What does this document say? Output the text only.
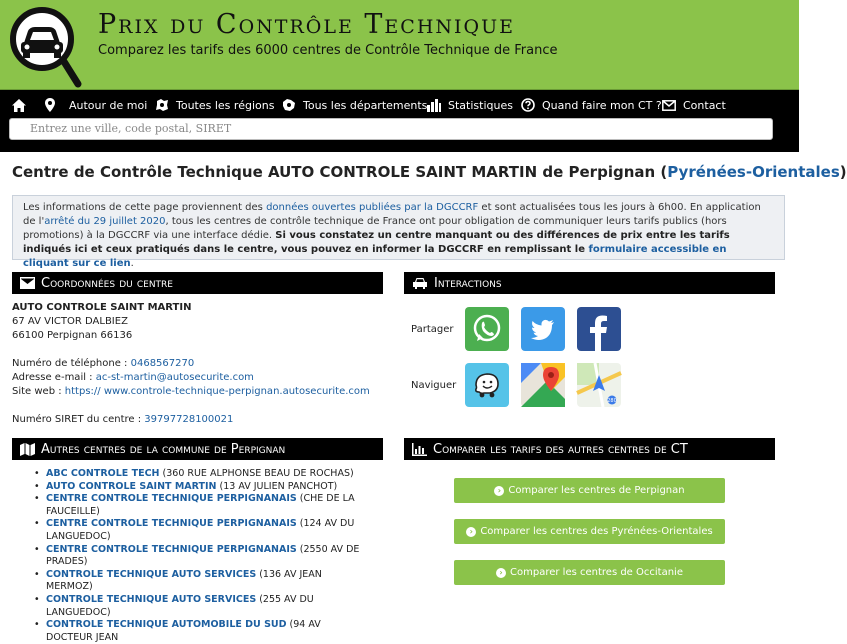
Prix du Contrôle Technique
Comparez les tarifs des 6000 centres de Contrôle Technique de France
Autour de moi	Toutes les régions	Tous les départements Statistiques	Quand faire mon CT ? Contact
Entrez une ville, code postal, SIRET
Centre de Contrôle Technique AUTO CONTROLE SAINT MARTIN de Perpignan (Pyrénées-Orientales)
Les informations de cette page proviennent des données ouvertes publiées par la DGCCRF et sont actualisées tous les jours à 6h00. En application de l'arrêté du 29 juillet 2020, tous les centres de contrôle technique de France ont pour obligation de communiquer leurs tarifs publics (hors promotions) à la DGCCRF via une interface dédie. Si vous constatez un centre manquant ou des différences de prix entre les tarifs indiqués ici et ceux pratiqués dans le centre, vous pouvez en informer la DGCCRF en remplissant le formulaire accessible en cliquant sur ce lien.
Coordonnées du centre
AUTO CONTROLE SAINT MARTIN
67 AV VICTOR DALBIEZ
66100 Perpignan 66136
Numéro de téléphone : 0468567270
Adresse e-mail : ac-st-martin@autosecurite.com
Site web : https:// www.controle-technique-perpignan.autosecurite.com
Numéro SIRET du centre : 39797728100021
Interactions
Partager
Naviguer
280
Autres centres de la commune de Perpignan
• ABC CONTROLE TECH (360 RUE ALPHONSE BEAU DE ROCHAS)
• AUTO CONTROLE SAINT MARTIN (13 AV JULIEN PANCHOT)
• CENTRE CONTROLE TECHNIQUE PERPIGNANAIS (CHE DE LA FAUCEILLE)
• CENTRE CONTROLE TECHNIQUE PERPIGNANAIS (124 AV DU LANGUEDOC)
• CENTRE CONTROLE TECHNIQUE PERPIGNANAIS (2550 AV DE PRADES)
• CONTROLE TECHNIQUE AUTO SERVICES (136 AV JEAN MERMOZ)
• CONTROLE TECHNIQUE AUTO SERVICES (255 AV DU LANGUEDOC)
• CONTROLE TECHNIQUE AUTOMOBILE DU SUD (94 AV DOCTEUR JEAN
Comparer les tarifs des autres centres de CT
› Comparer les centres de Perpignan
› Comparer les centres des Pyrénées-Orientales
› Comparer les centres de Occitanie
